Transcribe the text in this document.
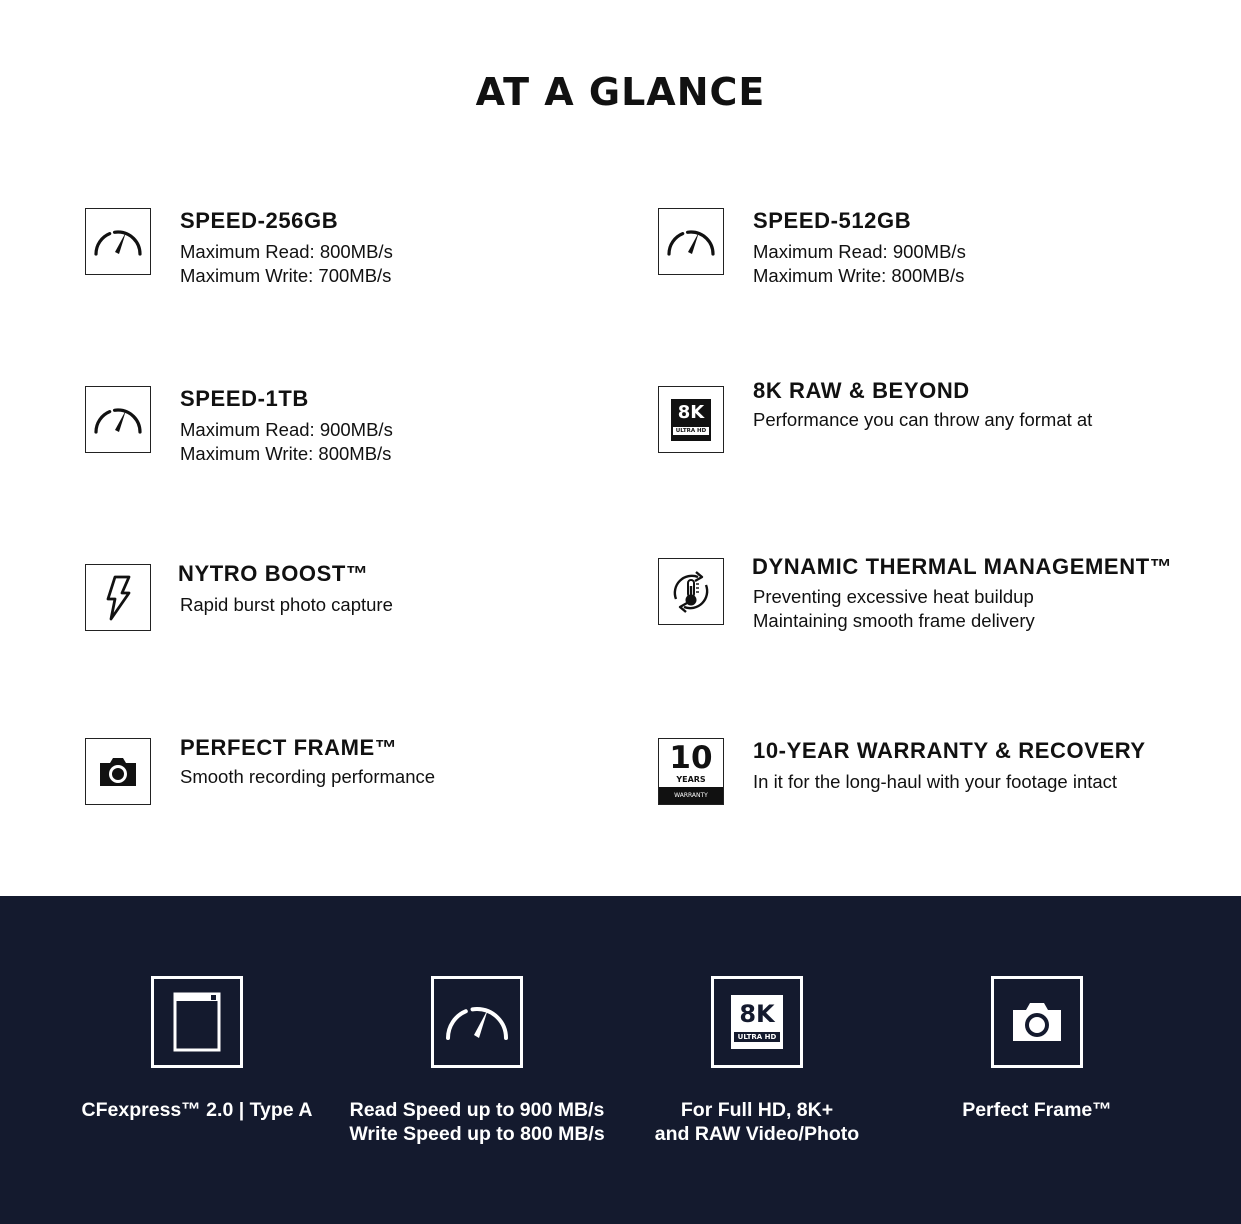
AT A GLANCE
SPEED-256GB
Maximum Read: 800MB/s
Maximum Write: 700MB/s
SPEED-512GB
Maximum Read: 900MB/s
Maximum Write: 800MB/s
SPEED-1TB
Maximum Read: 900MB/s
Maximum Write: 800MB/s
8K
ULTRA HD
8K RAW & BEYOND
Performance you can throw any format at
NYTRO BOOST™
Rapid burst photo capture
DYNAMIC THERMAL MANAGEMENT™
Preventing excessive heat buildup
Maintaining smooth frame delivery
PERFECT FRAME™
Smooth recording performance
10
YEARS
WARRANTY
10-YEAR WARRANTY & RECOVERY
In it for the long-haul with your footage intact
CFexpress™ 2.0 | Type A	Read Speed up to 900 MB/s
Write Speed up to 800 MB/s
8K
ULTRA HD
For Full HD, 8K+
and RAW Video/Photo
Perfect Frame™
